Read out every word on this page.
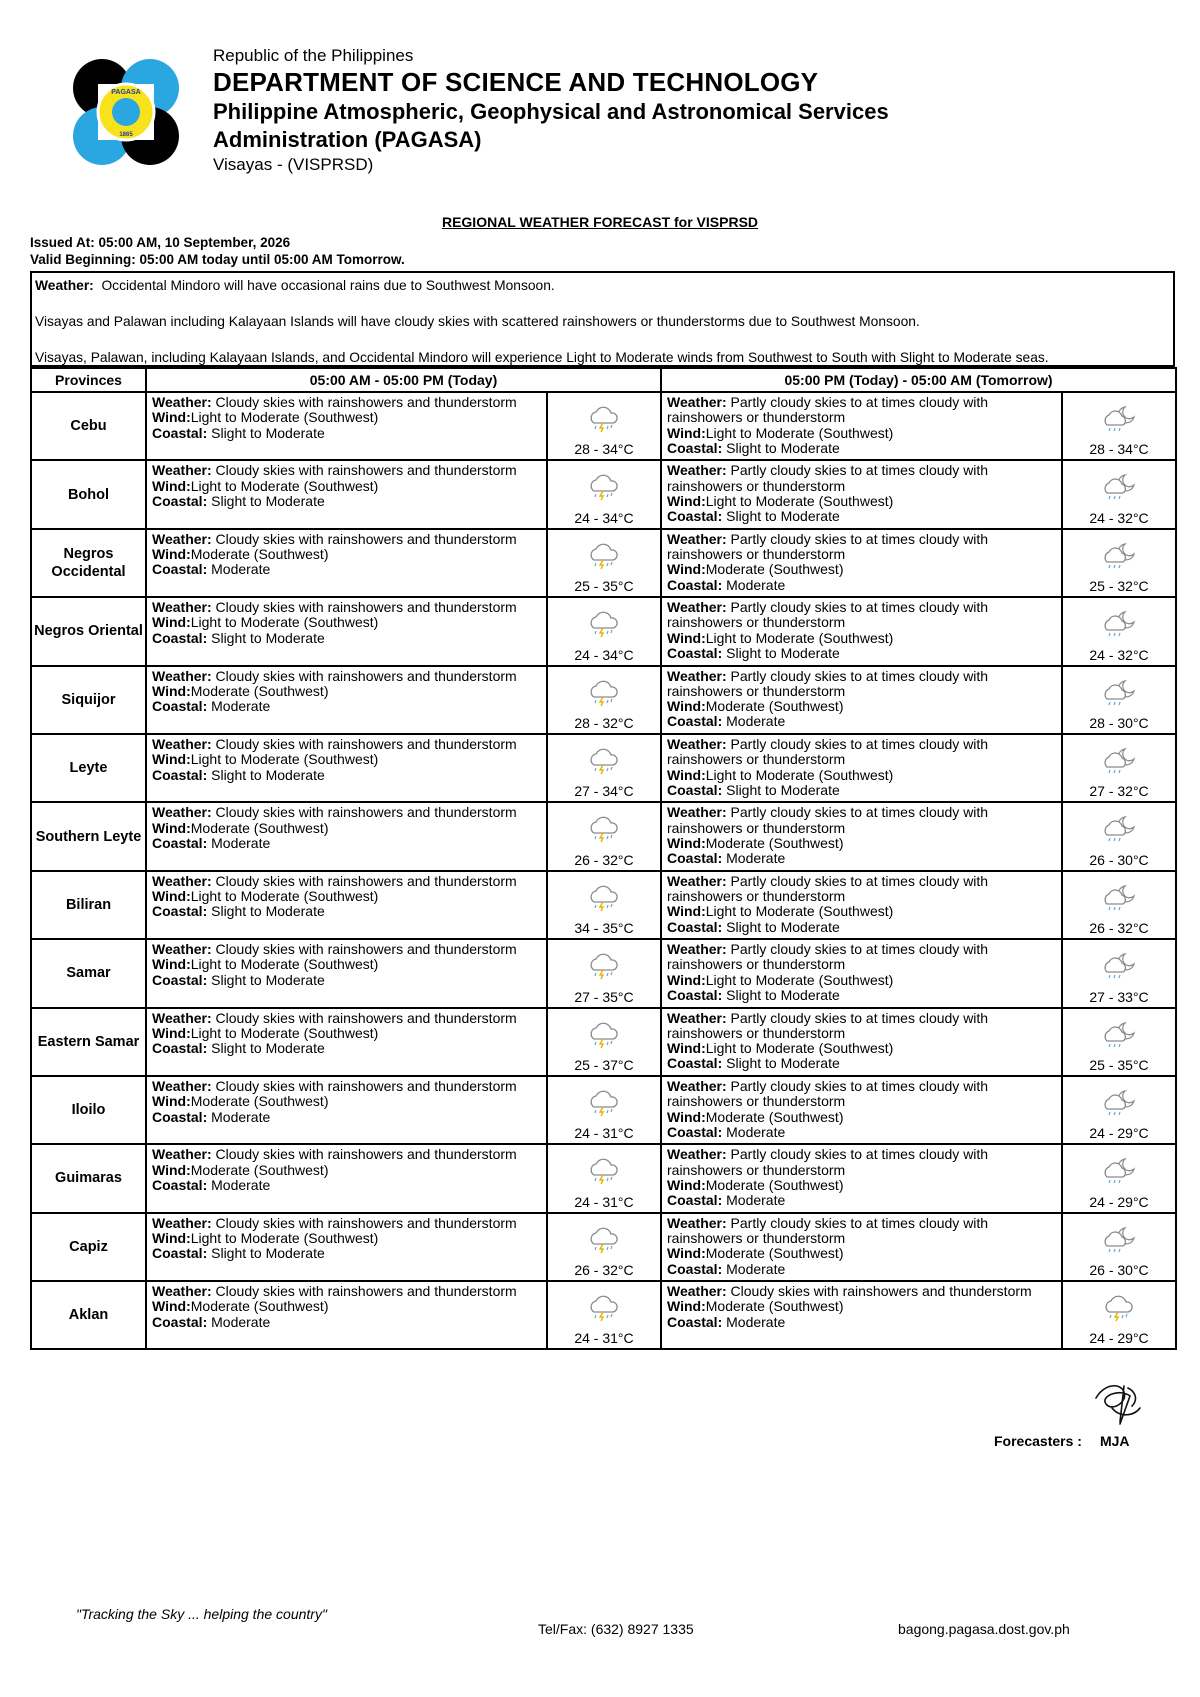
PAGASA
1865
Republic of the Philippines
DEPARTMENT OF SCIENCE AND TECHNOLOGY
Philippine Atmospheric, Geophysical and Astronomical Services
Administration (PAGASA)
Visayas - (VISPRSD)
REGIONAL WEATHER FORECAST for VISPRSD
Issued At: 05:00 AM, 10 September, 2026
Valid Beginning: 05:00 AM today until 05:00 AM Tomorrow.

Weather: Occidental Mindoro will have occasional rains due to Southwest Monsoon.

Visayas and Palawan including Kalayaan Islands will have cloudy skies with scattered rainshowers or thunderstorms due to Southwest Monsoon.

Visayas, Palawan, including Kalayaan Islands, and Occidental Mindoro will experience Light to Moderate winds from Southwest to South with Slight to Moderate seas.

Provinces	05:00 AM - 05:00 PM (Today)		05:00 PM (Today) - 05:00 AM (Tomorrow)	
Cebu	Weather: Cloudy skies with rainshowers and thunderstorm
Wind:Light to Moderate (Southwest)
Coastal: Slight to Moderate	28 - 34°C	Weather: Partly cloudy skies to at times cloudy with rainshowers or thunderstorm
Wind:Light to Moderate (Southwest)
Coastal: Slight to Moderate	28 - 34°C

Bohol	Weather: Cloudy skies with rainshowers and thunderstorm
Wind:Light to Moderate (Southwest)
Coastal: Slight to Moderate	24 - 34°C	Weather: Partly cloudy skies to at times cloudy with rainshowers or thunderstorm
Wind:Light to Moderate (Southwest)
Coastal: Slight to Moderate	24 - 32°C

Negros Occidental	Weather: Cloudy skies with rainshowers and thunderstorm
Wind:Moderate (Southwest)
Coastal: Moderate	25 - 35°C	Weather: Partly cloudy skies to at times cloudy with rainshowers or thunderstorm
Wind:Moderate (Southwest)
Coastal: Moderate	25 - 32°C

Negros Oriental	Weather: Cloudy skies with rainshowers and thunderstorm
Wind:Light to Moderate (Southwest)
Coastal: Slight to Moderate	24 - 34°C	Weather: Partly cloudy skies to at times cloudy with rainshowers or thunderstorm
Wind:Light to Moderate (Southwest)
Coastal: Slight to Moderate	24 - 32°C

Siquijor	Weather: Cloudy skies with rainshowers and thunderstorm
Wind:Moderate (Southwest)
Coastal: Moderate	28 - 32°C	Weather: Partly cloudy skies to at times cloudy with rainshowers or thunderstorm
Wind:Moderate (Southwest)
Coastal: Moderate	28 - 30°C

Leyte	Weather: Cloudy skies with rainshowers and thunderstorm
Wind:Light to Moderate (Southwest)
Coastal: Slight to Moderate	27 - 34°C	Weather: Partly cloudy skies to at times cloudy with rainshowers or thunderstorm
Wind:Light to Moderate (Southwest)
Coastal: Slight to Moderate	27 - 32°C

Southern Leyte	Weather: Cloudy skies with rainshowers and thunderstorm
Wind:Moderate (Southwest)
Coastal: Moderate	26 - 32°C	Weather: Partly cloudy skies to at times cloudy with rainshowers or thunderstorm
Wind:Moderate (Southwest)
Coastal: Moderate	26 - 30°C

Biliran	Weather: Cloudy skies with rainshowers and thunderstorm
Wind:Light to Moderate (Southwest)
Coastal: Slight to Moderate	34 - 35°C	Weather: Partly cloudy skies to at times cloudy with rainshowers or thunderstorm
Wind:Light to Moderate (Southwest)
Coastal: Slight to Moderate	26 - 32°C

Samar	Weather: Cloudy skies with rainshowers and thunderstorm
Wind:Light to Moderate (Southwest)
Coastal: Slight to Moderate	27 - 35°C	Weather: Partly cloudy skies to at times cloudy with rainshowers or thunderstorm
Wind:Light to Moderate (Southwest)
Coastal: Slight to Moderate	27 - 33°C

Eastern Samar	Weather: Cloudy skies with rainshowers and thunderstorm
Wind:Light to Moderate (Southwest)
Coastal: Slight to Moderate	25 - 37°C	Weather: Partly cloudy skies to at times cloudy with rainshowers or thunderstorm
Wind:Light to Moderate (Southwest)
Coastal: Slight to Moderate	25 - 35°C

Iloilo	Weather: Cloudy skies with rainshowers and thunderstorm
Wind:Moderate (Southwest)
Coastal: Moderate	24 - 31°C	Weather: Partly cloudy skies to at times cloudy with rainshowers or thunderstorm
Wind:Moderate (Southwest)
Coastal: Moderate	24 - 29°C

Guimaras	Weather: Cloudy skies with rainshowers and thunderstorm
Wind:Moderate (Southwest)
Coastal: Moderate	24 - 31°C	Weather: Partly cloudy skies to at times cloudy with rainshowers or thunderstorm
Wind:Moderate (Southwest)
Coastal: Moderate	24 - 29°C

Capiz	Weather: Cloudy skies with rainshowers and thunderstorm
Wind:Light to Moderate (Southwest)
Coastal: Slight to Moderate	26 - 32°C	Weather: Partly cloudy skies to at times cloudy with rainshowers or thunderstorm
Wind:Moderate (Southwest)
Coastal: Moderate	26 - 30°C

Aklan	Weather: Cloudy skies with rainshowers and thunderstorm
Wind:Moderate (Southwest)
Coastal: Moderate	24 - 31°C	Weather: Cloudy skies with rainshowers and thunderstorm
Wind:Moderate (Southwest)
Coastal: Moderate	24 - 29°C
Forecasters : MJA
"Tracking the Sky ... helping the country"
Tel/Fax: (632) 8927 1335	bagong.pagasa.dost.gov.ph
